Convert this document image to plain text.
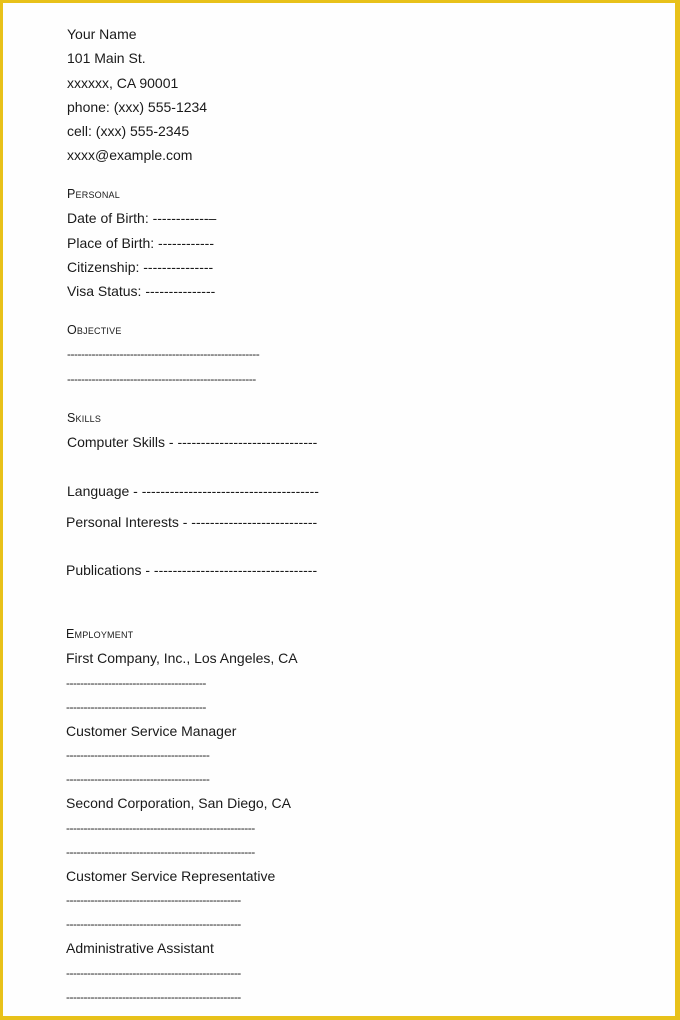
Your Name
101 Main St.
xxxxxx, CA 90001
phone: (xxx) 555-1234
cell: (xxx) 555-2345
xxxx@example.com
Personal
Date of Birth: ------------–
Place of Birth: ------------
Citizenship: ---------------
Visa Status: ---------------
Objective
-------------------------------------------------------
------------------------------------------------------
Skills
Computer Skills - ------------------------------
Language - --------------------------------------
Personal Interests - ---------------------------
Publications - -----------------------------------
Employment
First Company, Inc., Los Angeles, CA
----------------------------------------
----------------------------------------
Customer Service Manager
-----------------------------------------
-----------------------------------------
Second Corporation, San Diego, CA
------------------------------------------------------
------------------------------------------------------
Customer Service Representative
--------------------------------------------------
--------------------------------------------------
Administrative Assistant
--------------------------------------------------
--------------------------------------------------
